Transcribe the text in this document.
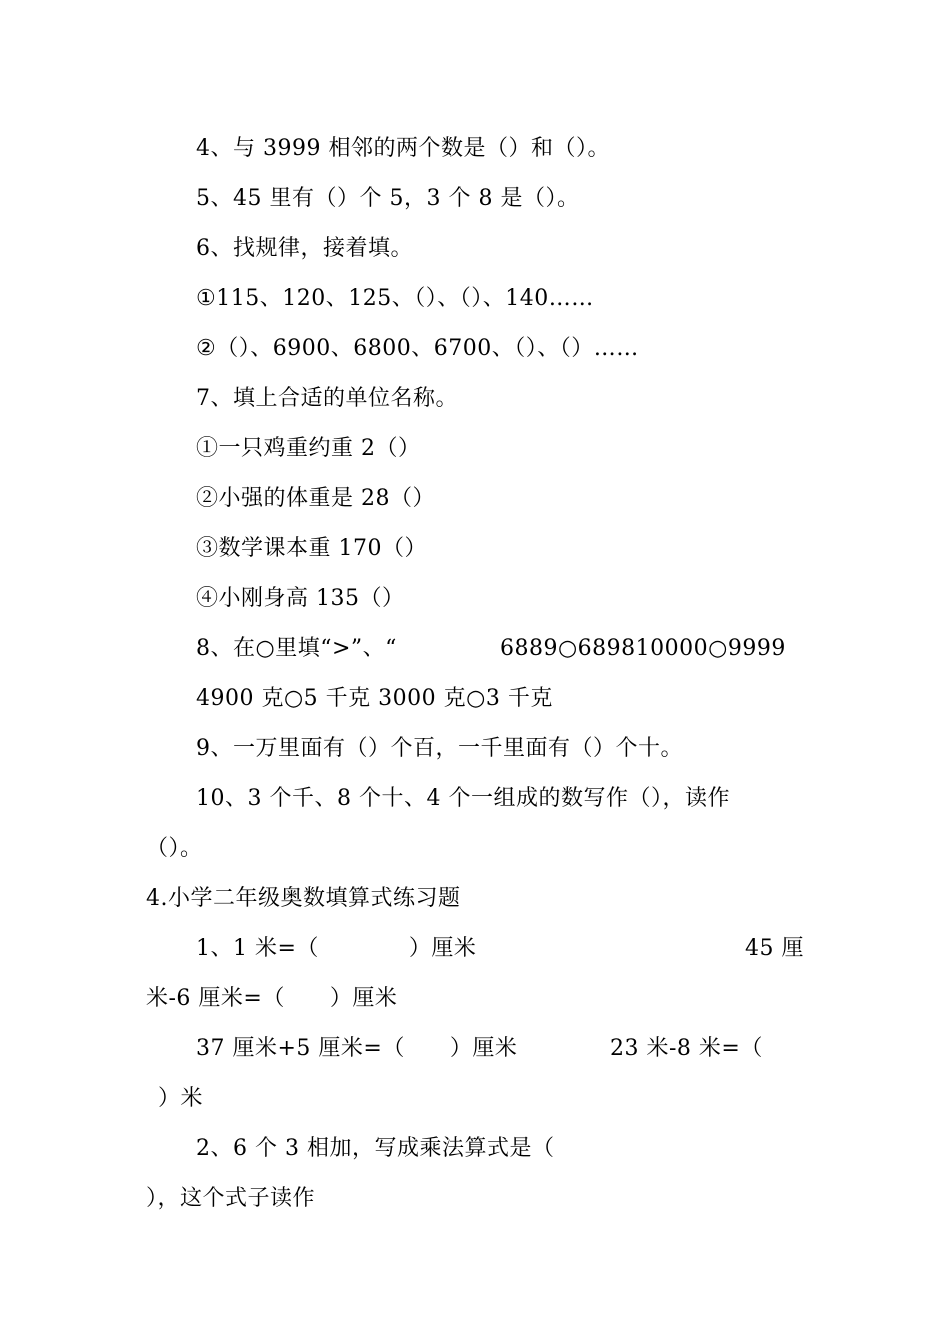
4、与 3999 相邻的两个数是（）和（）。
5、45 里有（）个 5，3 个 8 是（）。
6、找规律，接着填。
①115、120、125、（）、（）、140……
②（）、6900、6800、6700、（）、（）……
7、填上合适的单位名称。
①一只鸡重约重 2（）
②小强的体重是 28（）
③数学课本重 170（）
④小刚身高 135（）
8、在○里填“>”、“	6889○689810000○9999
4900 克○5 千克 3000 克○3 千克
9、一万里面有（）个百，一千里面有（）个十。
10、3 个千、8 个十、4 个一组成的数写作（），读作
（）。
4.小学二年级奥数填算式练习题
1、1 米=（　　　　）厘米	45 厘
米-6 厘米=（　　）厘米
37 厘米+5 厘米=（　　）厘米	23 米-8 米=（
）米
2、6 个 3 相加，写成乘法算式是（
），这个式子读作
